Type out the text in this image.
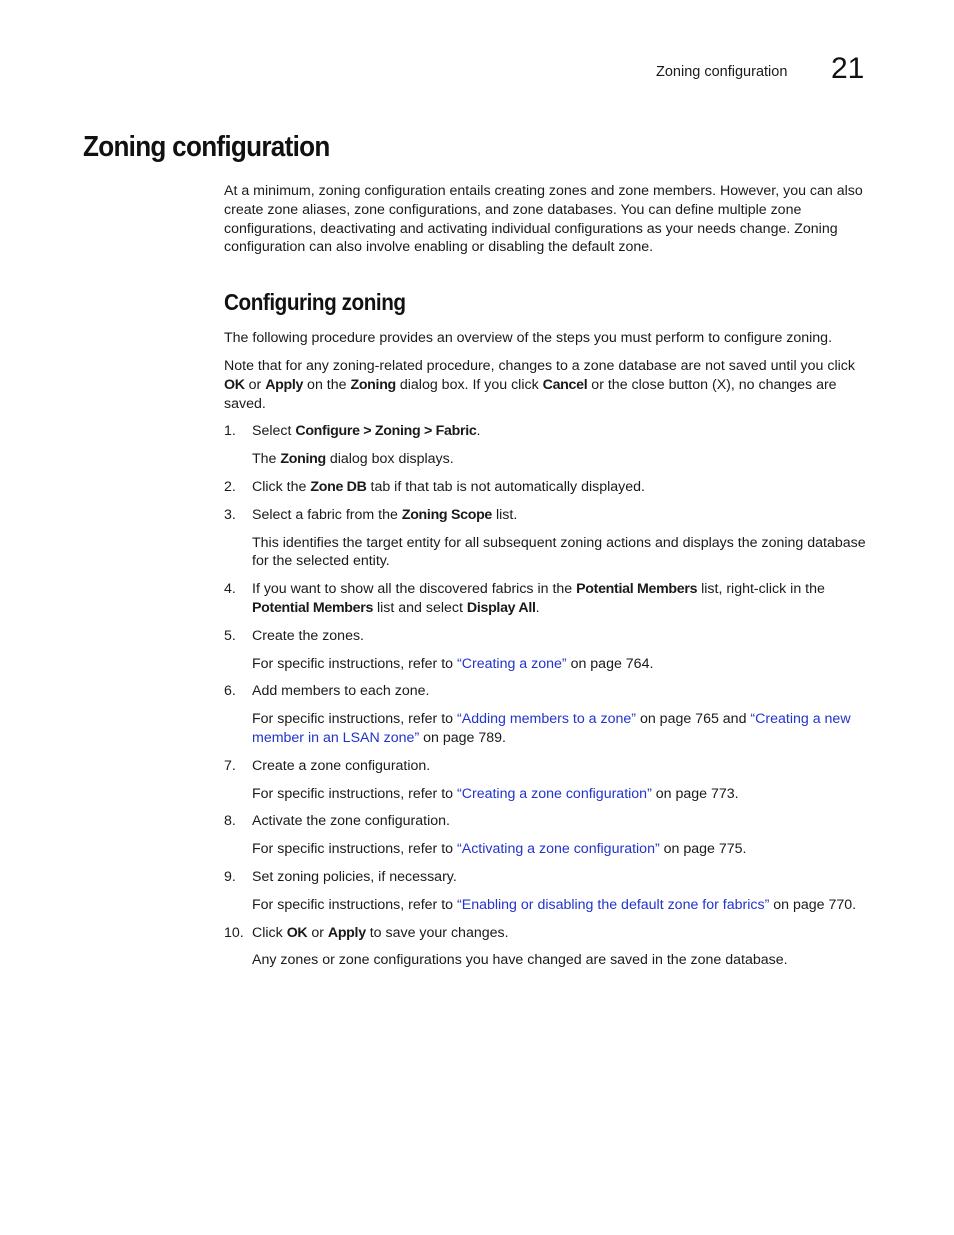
Zoning configuration 21
Zoning configuration

At a minimum, zoning configuration entails creating zones and zone members. However, you can also create zone aliases, zone configurations, and zone databases. You can define multiple zone configurations, deactivating and activating individual configurations as your needs change. Zoning configuration can also involve enabling or disabling the default zone.

Configuring zoning

The following procedure provides an overview of the steps you must perform to configure zoning.

Note that for any zoning-related procedure, changes to a zone database are not saved until you click OK or Apply on the Zoning dialog box. If you click Cancel or the close button (X), no changes are saved.

1. Select Configure > Zoning > Fabric.
The Zoning dialog box displays.
2. Click the Zone DB tab if that tab is not automatically displayed.
3. Select a fabric from the Zoning Scope list.
This identifies the target entity for all subsequent zoning actions and displays the zoning database for the selected entity.
4. If you want to show all the discovered fabrics in the Potential Members list, right-click in the Potential Members list and select Display All.
5. Create the zones.
For specific instructions, refer to “Creating a zone” on page 764.
6. Add members to each zone.
For specific instructions, refer to “Adding members to a zone” on page 765 and “Creating a new member in an LSAN zone” on page 789.
7. Create a zone configuration.
For specific instructions, refer to “Creating a zone configuration” on page 773.
8. Activate the zone configuration.
For specific instructions, refer to “Activating a zone configuration” on page 775.
9. Set zoning policies, if necessary.
For specific instructions, refer to “Enabling or disabling the default zone for fabrics” on page 770.
10. Click OK or Apply to save your changes.
Any zones or zone configurations you have changed are saved in the zone database.
